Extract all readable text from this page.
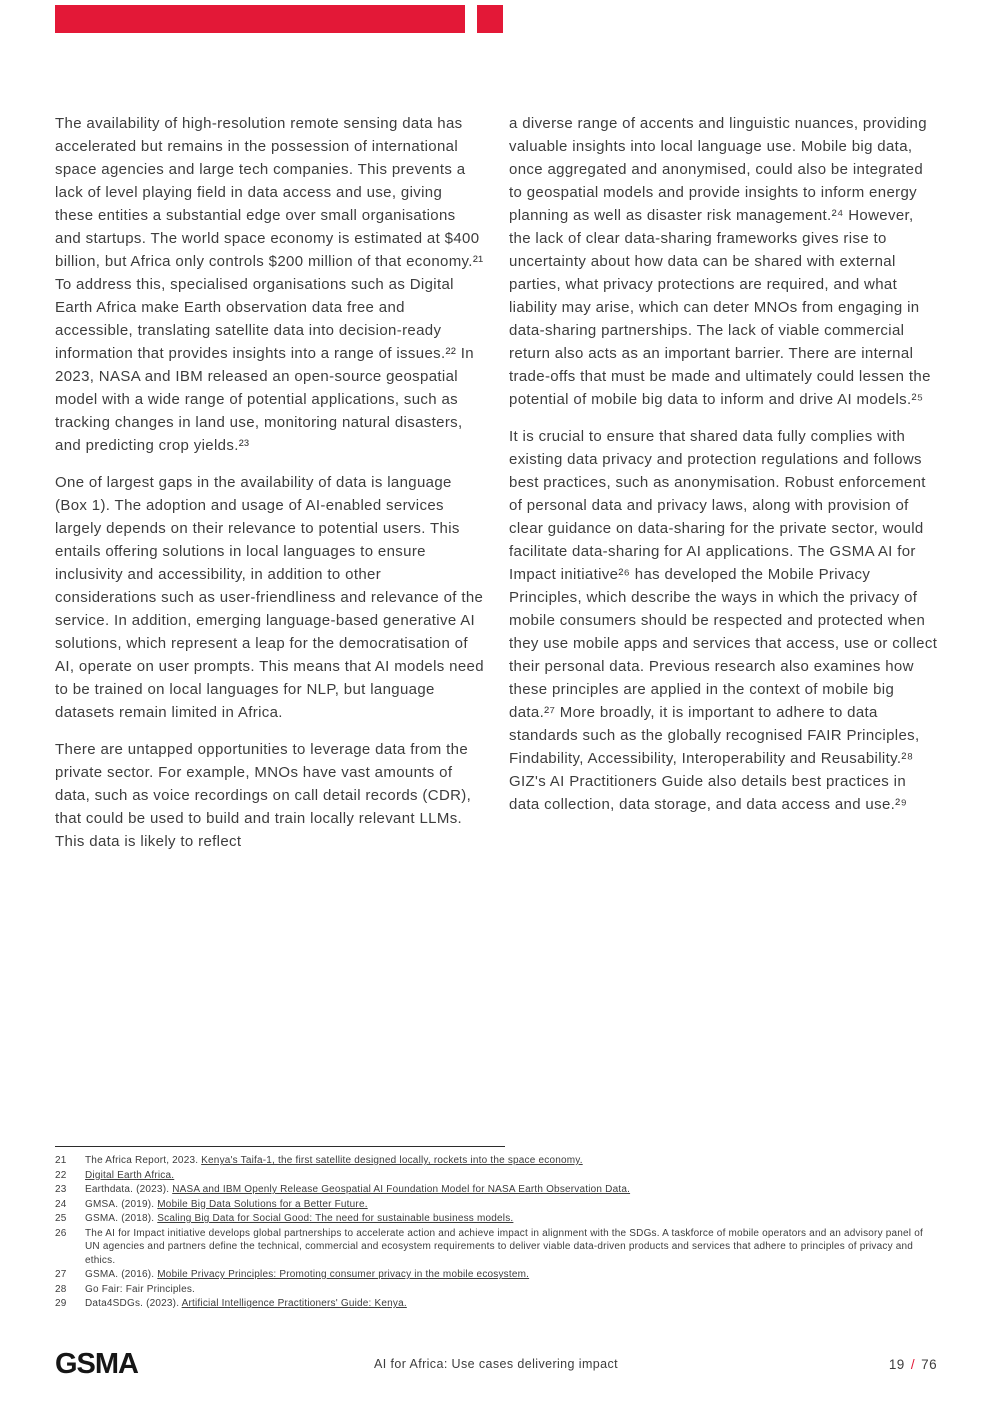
The availability of high-resolution remote sensing data has accelerated but remains in the possession of international space agencies and large tech companies. This prevents a lack of level playing field in data access and use, giving these entities a substantial edge over small organisations and startups. The world space economy is estimated at $400 billion, but Africa only controls $200 million of that economy.²¹ To address this, specialised organisations such as Digital Earth Africa make Earth observation data free and accessible, translating satellite data into decision-ready information that provides insights into a range of issues.²² In 2023, NASA and IBM released an open-source geospatial model with a wide range of potential applications, such as tracking changes in land use, monitoring natural disasters, and predicting crop yields.²³

One of largest gaps in the availability of data is language (Box 1). The adoption and usage of AI-enabled services largely depends on their relevance to potential users. This entails offering solutions in local languages to ensure inclusivity and accessibility, in addition to other considerations such as user-friendliness and relevance of the service. In addition, emerging language-based generative AI solutions, which represent a leap for the democratisation of AI, operate on user prompts. This means that AI models need to be trained on local languages for NLP, but language datasets remain limited in Africa.

There are untapped opportunities to leverage data from the private sector. For example, MNOs have vast amounts of data, such as voice recordings on call detail records (CDR), that could be used to build and train locally relevant LLMs. This data is likely to reflect

a diverse range of accents and linguistic nuances, providing valuable insights into local language use. Mobile big data, once aggregated and anonymised, could also be integrated to geospatial models and provide insights to inform energy planning as well as disaster risk management.²⁴ However, the lack of clear data-sharing frameworks gives rise to uncertainty about how data can be shared with external parties, what privacy protections are required, and what liability may arise, which can deter MNOs from engaging in data-sharing partnerships. The lack of viable commercial return also acts as an important barrier. There are internal trade-offs that must be made and ultimately could lessen the potential of mobile big data to inform and drive AI models.²⁵

It is crucial to ensure that shared data fully complies with existing data privacy and protection regulations and follows best practices, such as anonymisation. Robust enforcement of personal data and privacy laws, along with provision of clear guidance on data-sharing for the private sector, would facilitate data-sharing for AI applications. The GSMA AI for Impact initiative²⁶ has developed the Mobile Privacy Principles, which describe the ways in which the privacy of mobile consumers should be respected and protected when they use mobile apps and services that access, use or collect their personal data. Previous research also examines how these principles are applied in the context of mobile big data.²⁷ More broadly, it is important to adhere to data standards such as the globally recognised FAIR Principles, Findability, Accessibility, Interoperability and Reusability.²⁸ GIZ's AI Practitioners Guide also details best practices in data collection, data storage, and data access and use.²⁹

21	The Africa Report, 2023. Kenya's Taifa-1, the first satellite designed locally, rockets into the space economy.
22	Digital Earth Africa.
23	Earthdata. (2023). NASA and IBM Openly Release Geospatial AI Foundation Model for NASA Earth Observation Data.
24	GMSA. (2019). Mobile Big Data Solutions for a Better Future.
25	GSMA. (2018). Scaling Big Data for Social Good: The need for sustainable business models.
26	The AI for Impact initiative develops global partnerships to accelerate action and achieve impact in alignment with the SDGs. A taskforce of mobile operators and an advisory panel of UN agencies and partners define the technical, commercial and ecosystem requirements to deliver viable data-driven products and services that adhere to principles of privacy and ethics.
27	GSMA. (2016). Mobile Privacy Principles: Promoting consumer privacy in the mobile ecosystem.
28	Go Fair: Fair Principles.
29	Data4SDGs. (2023). Artificial Intelligence Practitioners' Guide: Kenya.
GSMA	AI for Africa: Use cases delivering impact	19 / 76
